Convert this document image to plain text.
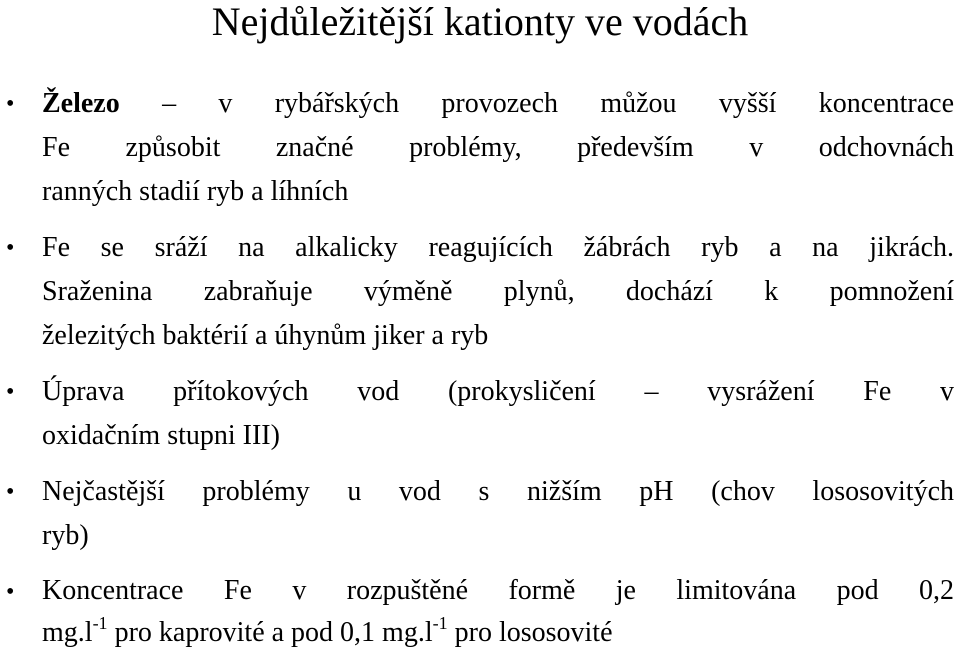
Nejdůležitější kationty ve vodách
• Železo – v rybářských provozech můžou vyšší koncentrace
Fe způsobit značné problémy, především v odchovnách
ranných stadií ryb a líhních
• Fe se sráží na alkalicky reagujících žábrách ryb a na jikrách.
Sraženina zabraňuje výměně plynů, dochází k pomnožení
železitých baktérií a úhynům jiker a ryb
• Úprava přítokových vod (prokysličení – vysrážení Fe v
oxidačním stupni III)
• Nejčastější problémy u vod s nižším pH (chov lososovitých
ryb)
• Koncentrace Fe v rozpuštěné formě je limitována pod 0,2
$mg.l^{-1}$ pro kaprovité a pod 0,1 $mg.l^{-1}$ pro lososovité
